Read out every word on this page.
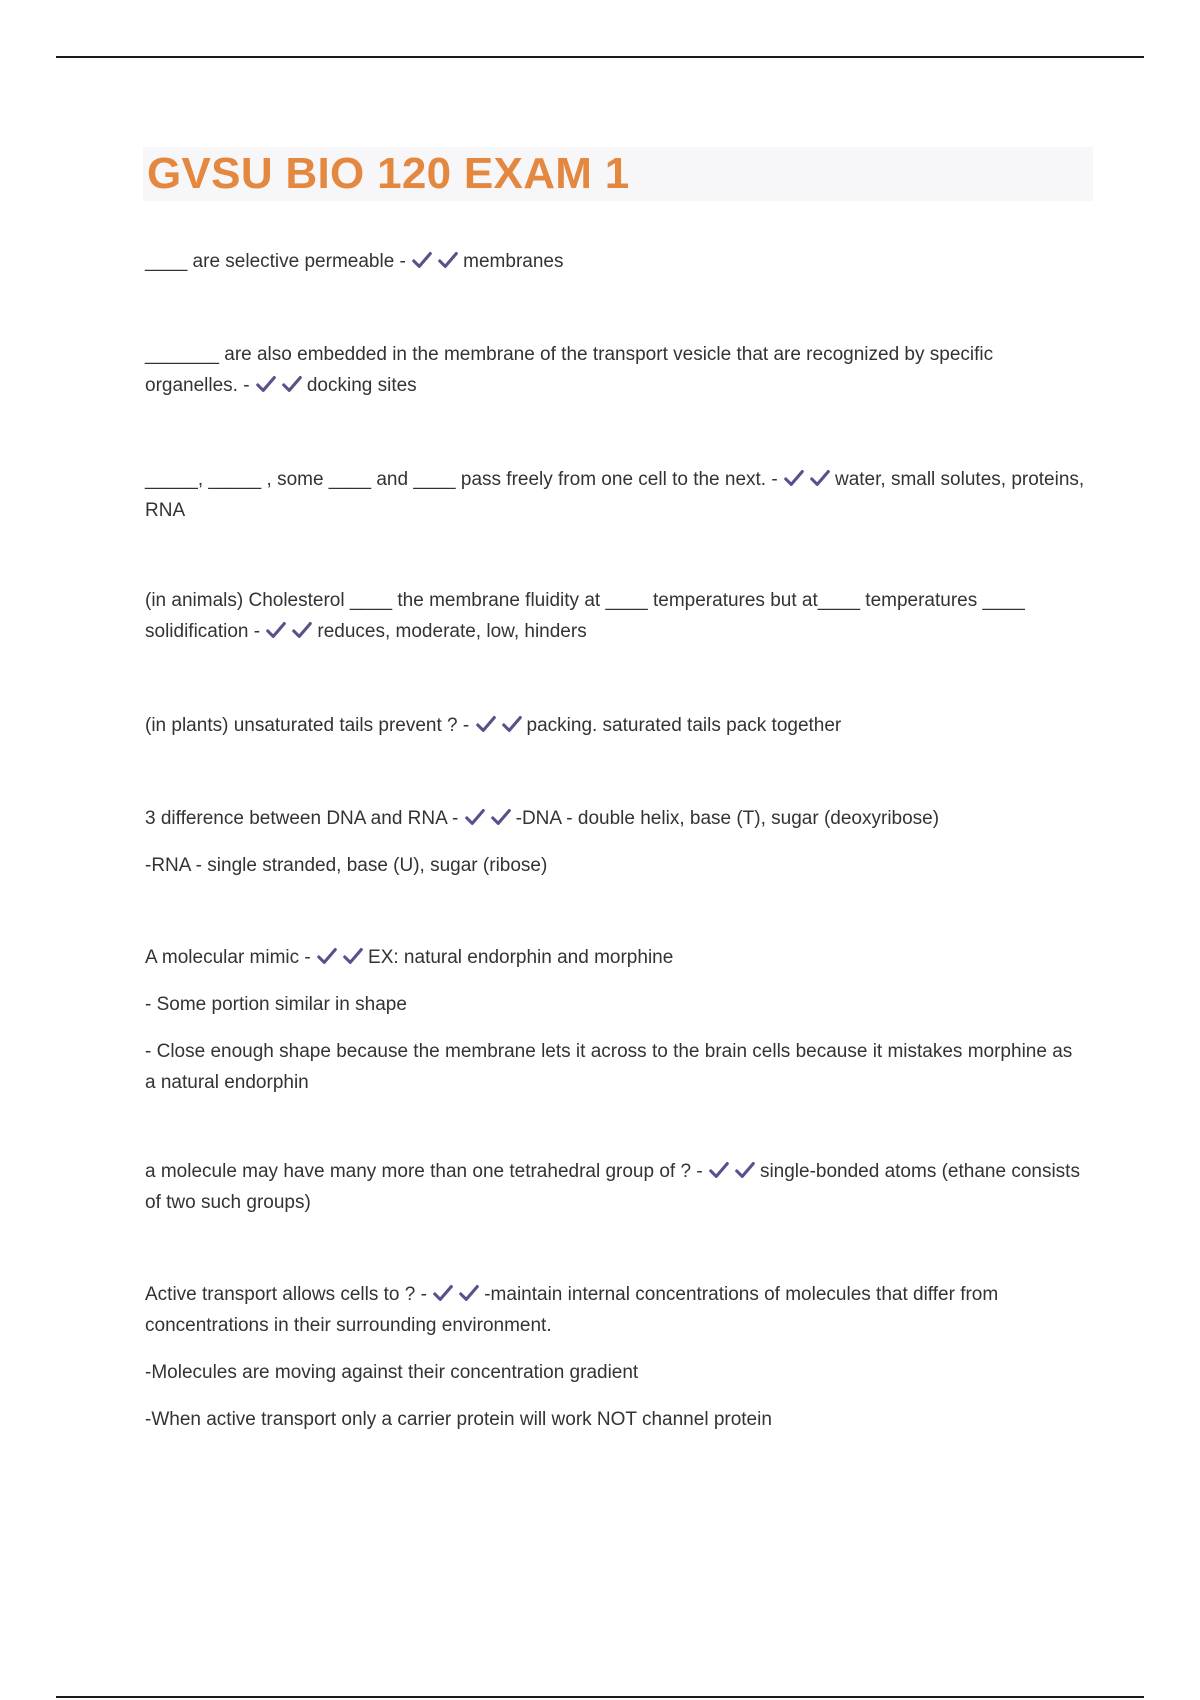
GVSU BIO 120 EXAM 1

____ are selective permeable -	membranes

_______ are also embedded in the membrane of the transport vesicle that are recognized by specific organelles. -	docking sites

_____, _____ , some ____ and ____ pass freely from one cell to the next. -	water, small solutes, proteins, RNA

(in animals) Cholesterol ____ the membrane fluidity at ____ temperatures but at____ temperatures ____ solidification -	reduces, moderate, low, hinders

(in plants) unsaturated tails prevent ? -	packing. saturated tails pack together

3 difference between DNA and RNA -	-DNA - double helix, base (T), sugar (deoxyribose)

-RNA - single stranded, base (U), sugar (ribose)

A molecular mimic -	EX: natural endorphin and morphine

- Some portion similar in shape

- Close enough shape because the membrane lets it across to the brain cells because it mistakes morphine as a natural endorphin

a molecule may have many more than one tetrahedral group of ? -	single-bonded atoms (ethane consists of two such groups)

Active transport allows cells to ? -	-maintain internal concentrations of molecules that differ from concentrations in their surrounding environment.

-Molecules are moving against their concentration gradient

-When active transport only a carrier protein will work NOT channel protein
